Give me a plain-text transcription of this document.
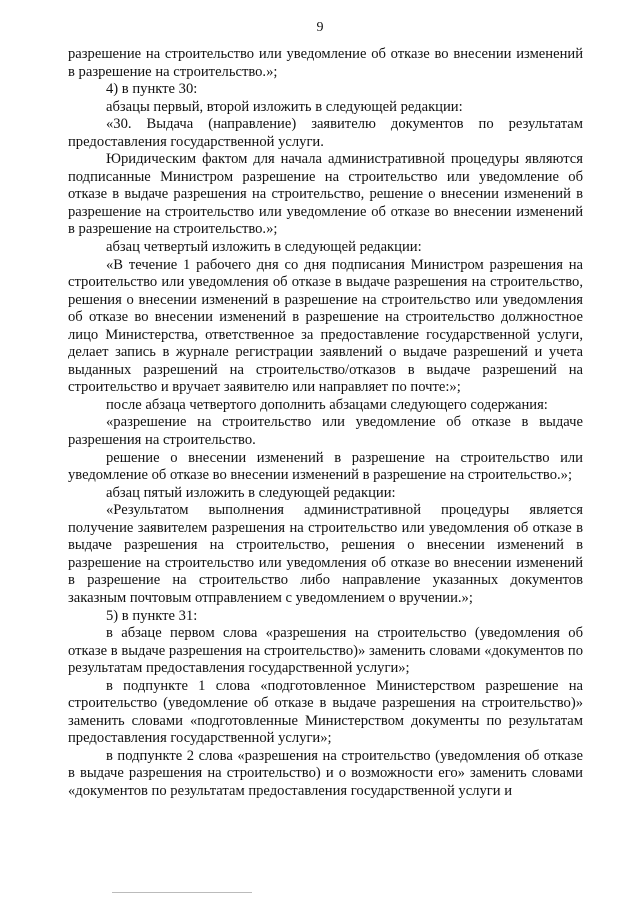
9

разрешение на строительство или уведомление об отказе во внесении изменений в разрешение на строительство.»;

4) в пункте 30:

абзацы первый, второй изложить в следующей редакции:

«30. Выдача (направление) заявителю документов по результатам предоставления государственной услуги.

Юридическим фактом для начала административной процедуры являются подписанные Министром разрешение на строительство или уведомление об отказе в выдаче разрешения на строительство, решение о внесении изменений в разрешение на строительство или уведомление об отказе во внесении изменений в разрешение на строительство.»;

абзац четвертый изложить в следующей редакции:

«В течение 1 рабочего дня со дня подписания Министром разрешения на строительство или уведомления об отказе в выдаче разрешения на строительство, решения о внесении изменений в разрешение на строительство или уведомления об отказе во внесении изменений в разрешение на строительство должностное лицо Министерства, ответственное за предоставление государственной услуги, делает запись в журнале регистрации заявлений о выдаче разрешений и учета выданных разрешений на строительство/отказов в выдаче разрешений на строительство и вручает заявителю или направляет по почте:»;

после абзаца четвертого дополнить абзацами следующего содержания:

«разрешение на строительство или уведомление об отказе в выдаче разрешения на строительство.

решение о внесении изменений в разрешение на строительство или уведомление об отказе во внесении изменений в разрешение на строительство.»;

абзац пятый изложить в следующей редакции:

«Результатом выполнения административной процедуры является получение заявителем разрешения на строительство или уведомления об отказе в выдаче разрешения на строительство, решения о внесении изменений в разрешение на строительство или уведомления об отказе во внесении изменений в разрешение на строительство либо направление указанных документов заказным почтовым отправлением с уведомлением о вручении.»;

5) в пункте 31:

в абзаце первом слова «разрешения на строительство (уведомления об отказе в выдаче разрешения на строительство)» заменить словами «документов по результатам предоставления государственной услуги»;

в подпункте 1 слова «подготовленное Министерством разрешение на строительство (уведомление об отказе в выдаче разрешения на строительство)» заменить словами «подготовленные Министерством документы по результатам предоставления государственной услуги»;

в подпункте 2 слова «разрешения на строительство (уведомления об отказе в выдаче разрешения на строительство) и о возможности его» заменить словами «документов по результатам предоставления государственной услуги и
